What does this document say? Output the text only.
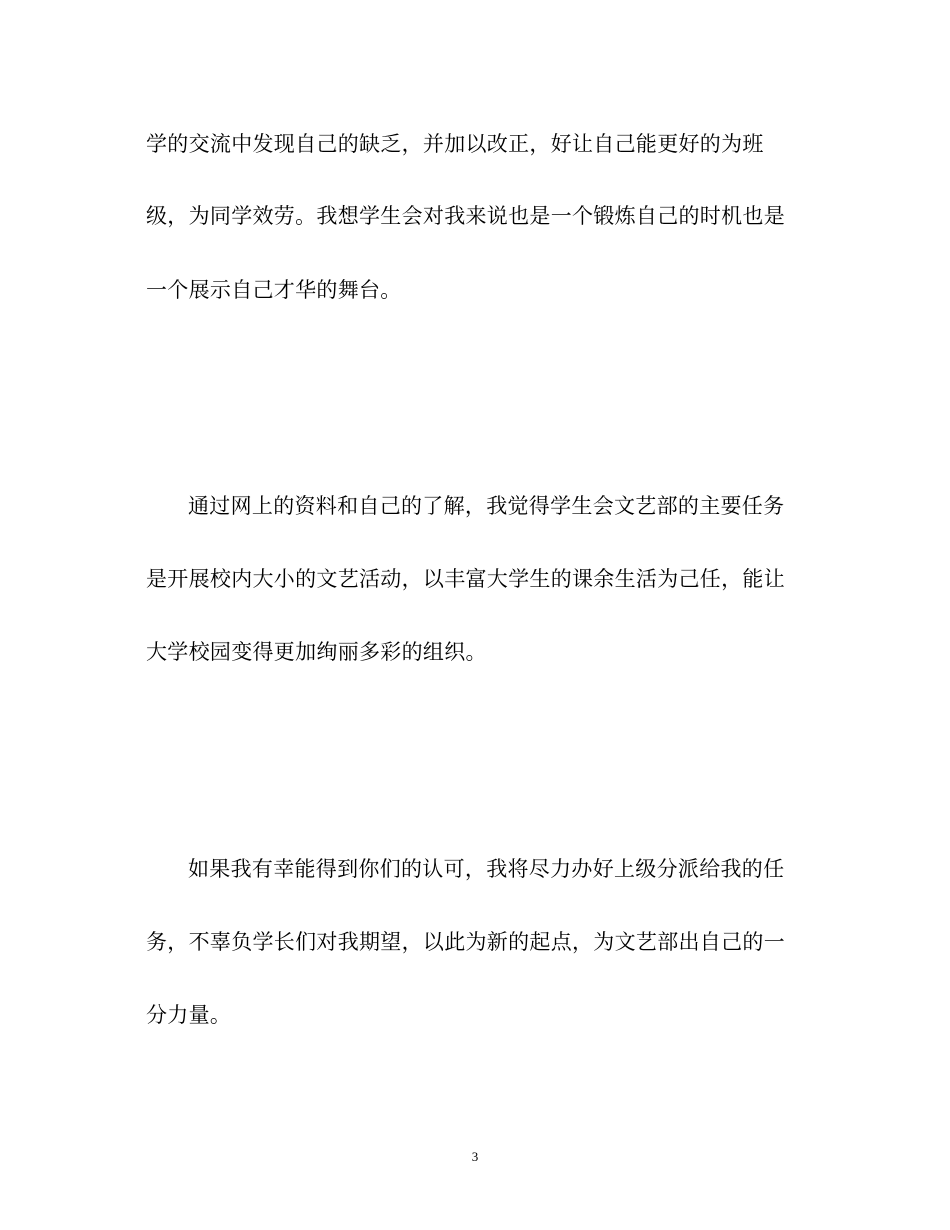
学的交流中发现自己的缺乏，并加以改正，好让自己能更好的为班
级，为同学效劳。我想学生会对我来说也是一个锻炼自己的时机也是
一个展示自己才华的舞台。
通过网上的资料和自己的了解，我觉得学生会文艺部的主要任务
是开展校内大小的文艺活动，以丰富大学生的课余生活为己任，能让
大学校园变得更加绚丽多彩的组织。
如果我有幸能得到你们的认可，我将尽力办好上级分派给我的任
务，不辜负学长们对我期望，以此为新的起点，为文艺部出自己的一
分力量。
3
